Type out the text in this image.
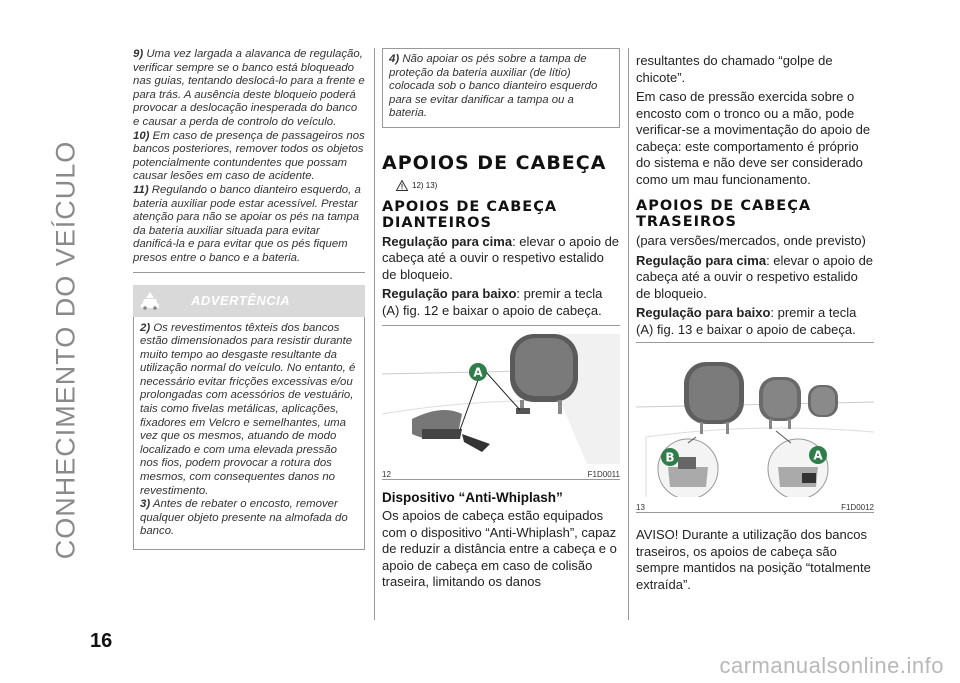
CONHECIMENTO DO VEÍCULO
9) Uma vez largada a alavanca de regulação, verificar sempre se o banco está bloqueado nas guias, tentando deslocá-lo para a frente e para trás. A ausência deste bloqueio poderá provocar a deslocação inesperada do banco e causar a perda de controlo do veículo.
10) Em caso de presença de passageiros nos bancos posteriores, remover todos os objetos potencialmente contundentes que possam causar lesões em caso de acidente.
11) Regulando o banco dianteiro esquerdo, a bateria auxiliar pode estar acessível. Prestar atenção para não se apoiar os pés na tampa da bateria auxiliar situada para evitar danificá-la e para evitar que os pés fiquem presos entre o banco e a bateria.
ADVERTÊNCIA
2) Os revestimentos têxteis dos bancos estão dimensionados para resistir durante muito tempo ao desgaste resultante da utilização normal do veículo. No entanto, é necessário evitar fricções excessivas e/ou prolongadas com acessórios de vestuário, tais como fivelas metálicas, aplicações, fixadores em Velcro e semelhantes, uma vez que os mesmos, atuando de modo localizado e com uma elevada pressão nos fios, podem provocar a rotura dos mesmos, com consequentes danos no revestimento.
3) Antes de rebater o encosto, remover qualquer objeto presente na almofada do banco.
4) Não apoiar os pés sobre a tampa de proteção da bateria auxiliar (de lítio) colocada sob o banco dianteiro esquerdo para se evitar danificar a tampa ou a bateria.
APOIOS DE CABEÇA
12) 13)
APOIOS DE CABEÇA DIANTEIROS

Regulação para cima: elevar o apoio de cabeça até a ouvir o respetivo estalido de bloqueio.

Regulação para baixo: premir a tecla (A) fig. 12 e baixar o apoio de cabeça.

A
12	F1D0011
Dispositivo “Anti-Whiplash”

Os apoios de cabeça estão equipados com o dispositivo “Anti-Whiplash”, capaz de reduzir a distância entre a cabeça e o apoio de cabeça em caso de colisão traseira, limitando os danos

resultantes do chamado “golpe de chicote”.

Em caso de pressão exercida sobre o encosto com o tronco ou a mão, pode verificar-se a movimentação do apoio de cabeça: este comportamento é próprio do sistema e não deve ser considerado como um mau funcionamento.

APOIOS DE CABEÇA TRASEIROS

(para versões/mercados, onde previsto)

Regulação para cima: elevar o apoio de cabeça até a ouvir o respetivo estalido de bloqueio.

Regulação para baixo: premir a tecla (A) fig. 13 e baixar o apoio de cabeça.

B	A
13	F1D0012

AVISO! Durante a utilização dos bancos traseiros, os apoios de cabeça são sempre mantidos na posição “totalmente extraída”.

16
carmanualsonline.info
